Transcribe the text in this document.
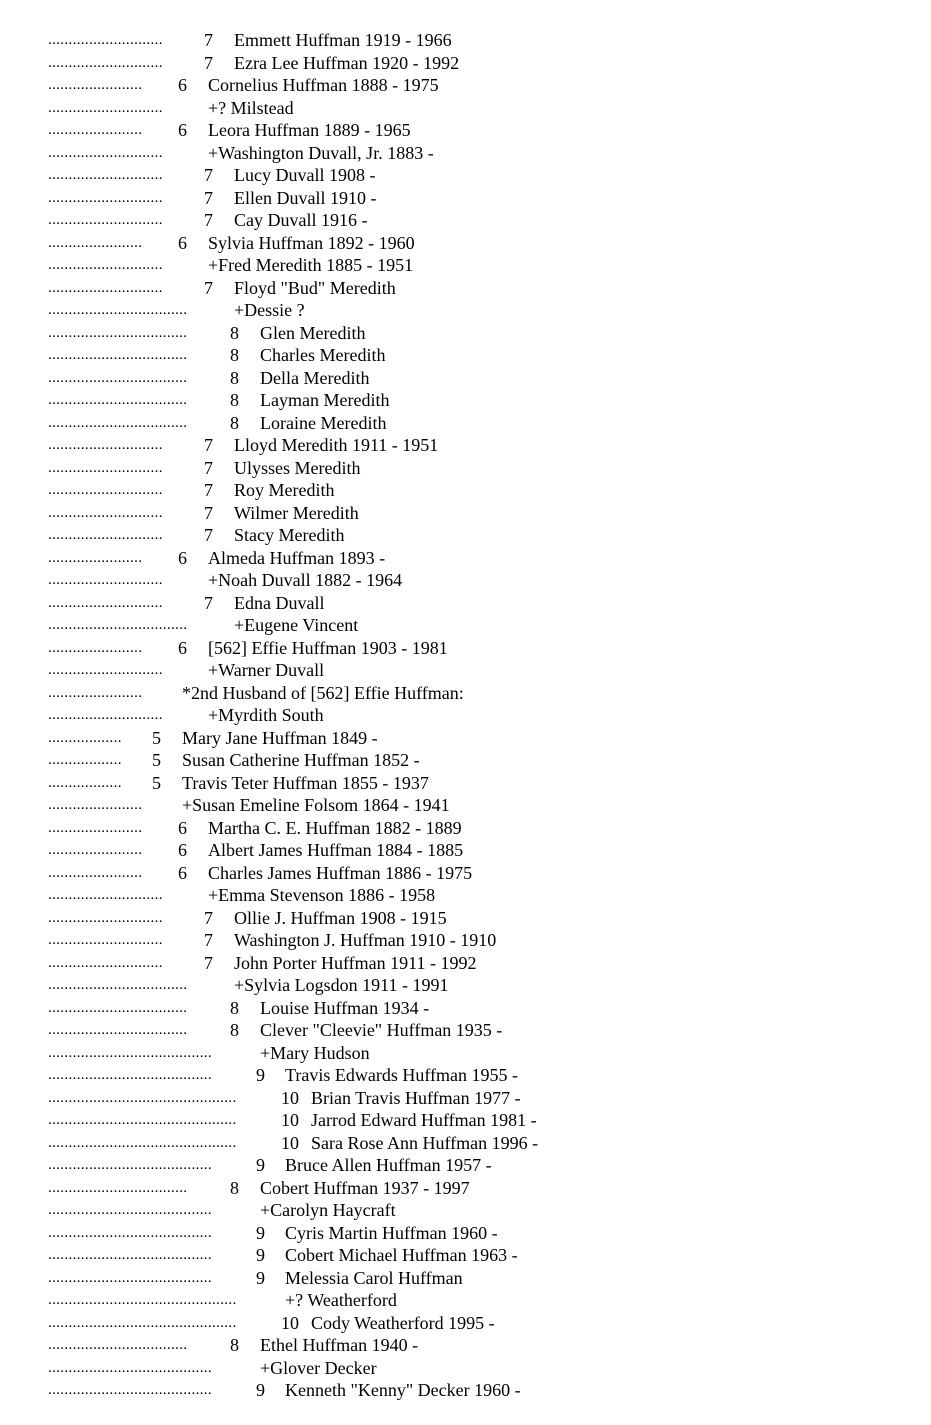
............................ 7 Emmett Huffman 1919 - 1966
............................ 7 Ezra Lee Huffman 1920 - 1992
....................... 6 Cornelius Huffman 1888 - 1975
............................	+? Milstead
....................... 6 Leora Huffman 1889 - 1965
............................	+Washington Duvall, Jr. 1883 -
............................ 7 Lucy Duvall 1908 -
............................ 7 Ellen Duvall 1910 -
............................ 7 Cay Duvall 1916 -
....................... 6 Sylvia Huffman 1892 - 1960
............................	+Fred Meredith 1885 - 1951
............................ 7 Floyd "Bud" Meredith
..................................	+Dessie ?
.................................. 8 Glen Meredith
.................................. 8 Charles Meredith
.................................. 8 Della Meredith
.................................. 8 Layman Meredith
.................................. 8 Loraine Meredith
............................ 7 Lloyd Meredith 1911 - 1951
............................ 7 Ulysses Meredith
............................ 7 Roy Meredith
............................ 7 Wilmer Meredith
............................ 7 Stacy Meredith
....................... 6 Almeda Huffman 1893 -
............................	+Noah Duvall 1882 - 1964
............................ 7 Edna Duvall
..................................	+Eugene Vincent
....................... 6 [562] Effie Huffman 1903 - 1981
............................	+Warner Duvall
....................... *2nd Husband of [562] Effie Huffman:
............................	+Myrdith South
.................. 5 Mary Jane Huffman 1849 -
.................. 5 Susan Catherine Huffman 1852 -
.................. 5 Travis Teter Huffman 1855 - 1937
....................... +Susan Emeline Folsom 1864 - 1941
....................... 6 Martha C. E. Huffman 1882 - 1889
....................... 6 Albert James Huffman 1884 - 1885
....................... 6 Charles James Huffman 1886 - 1975
............................	+Emma Stevenson 1886 - 1958
............................ 7 Ollie J. Huffman 1908 - 1915
............................ 7 Washington J. Huffman 1910 - 1910
............................ 7 John Porter Huffman 1911 - 1992
..................................	+Sylvia Logsdon 1911 - 1991
.................................. 8 Louise Huffman 1934 -
.................................. 8 Clever "Cleevie" Huffman 1935 -
........................................	+Mary Hudson
........................................ 9 Travis Edwards Huffman 1955 -
.............................................. 10 Brian Travis Huffman 1977 -
.............................................. 10 Jarrod Edward Huffman 1981 -
.............................................. 10 Sara Rose Ann Huffman 1996 -
........................................ 9 Bruce Allen Huffman 1957 -
.................................. 8 Cobert Huffman 1937 - 1997
........................................	+Carolyn Haycraft
........................................ 9 Cyris Martin Huffman 1960 -
........................................ 9 Cobert Michael Huffman 1963 -
........................................ 9 Melessia Carol Huffman
..............................................	+? Weatherford
.............................................. 10 Cody Weatherford 1995 -
.................................. 8 Ethel Huffman 1940 -
........................................	+Glover Decker
........................................ 9 Kenneth "Kenny" Decker 1960 -
